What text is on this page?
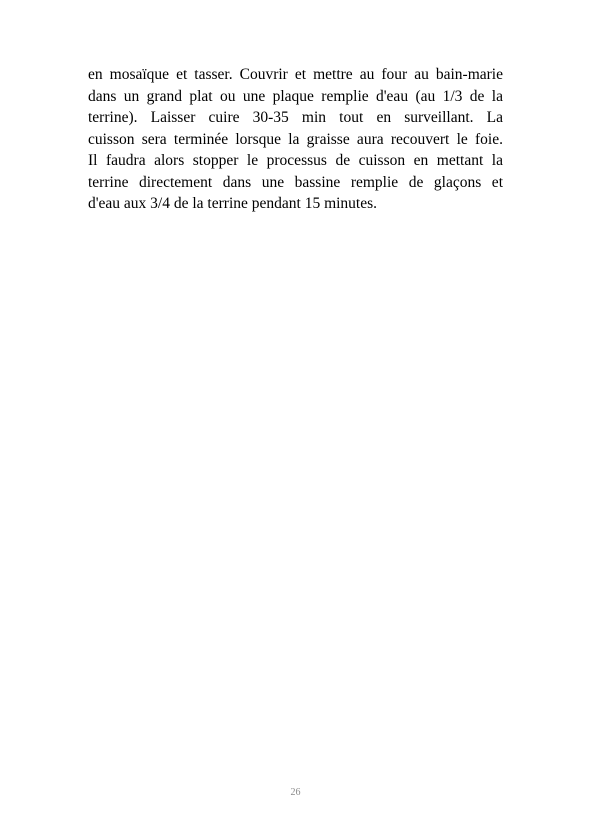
en mosaïque et tasser. Couvrir et mettre au four au bain-marie
dans un grand plat ou une plaque remplie d'eau (au 1/3 de la
terrine). Laisser cuire 30-35 min tout en surveillant. La
cuisson sera terminée lorsque la graisse aura recouvert le foie.
Il faudra alors stopper le processus de cuisson en mettant la
terrine directement dans une bassine remplie de glaçons et
d'eau aux 3/4 de la terrine pendant 15 minutes.
26
